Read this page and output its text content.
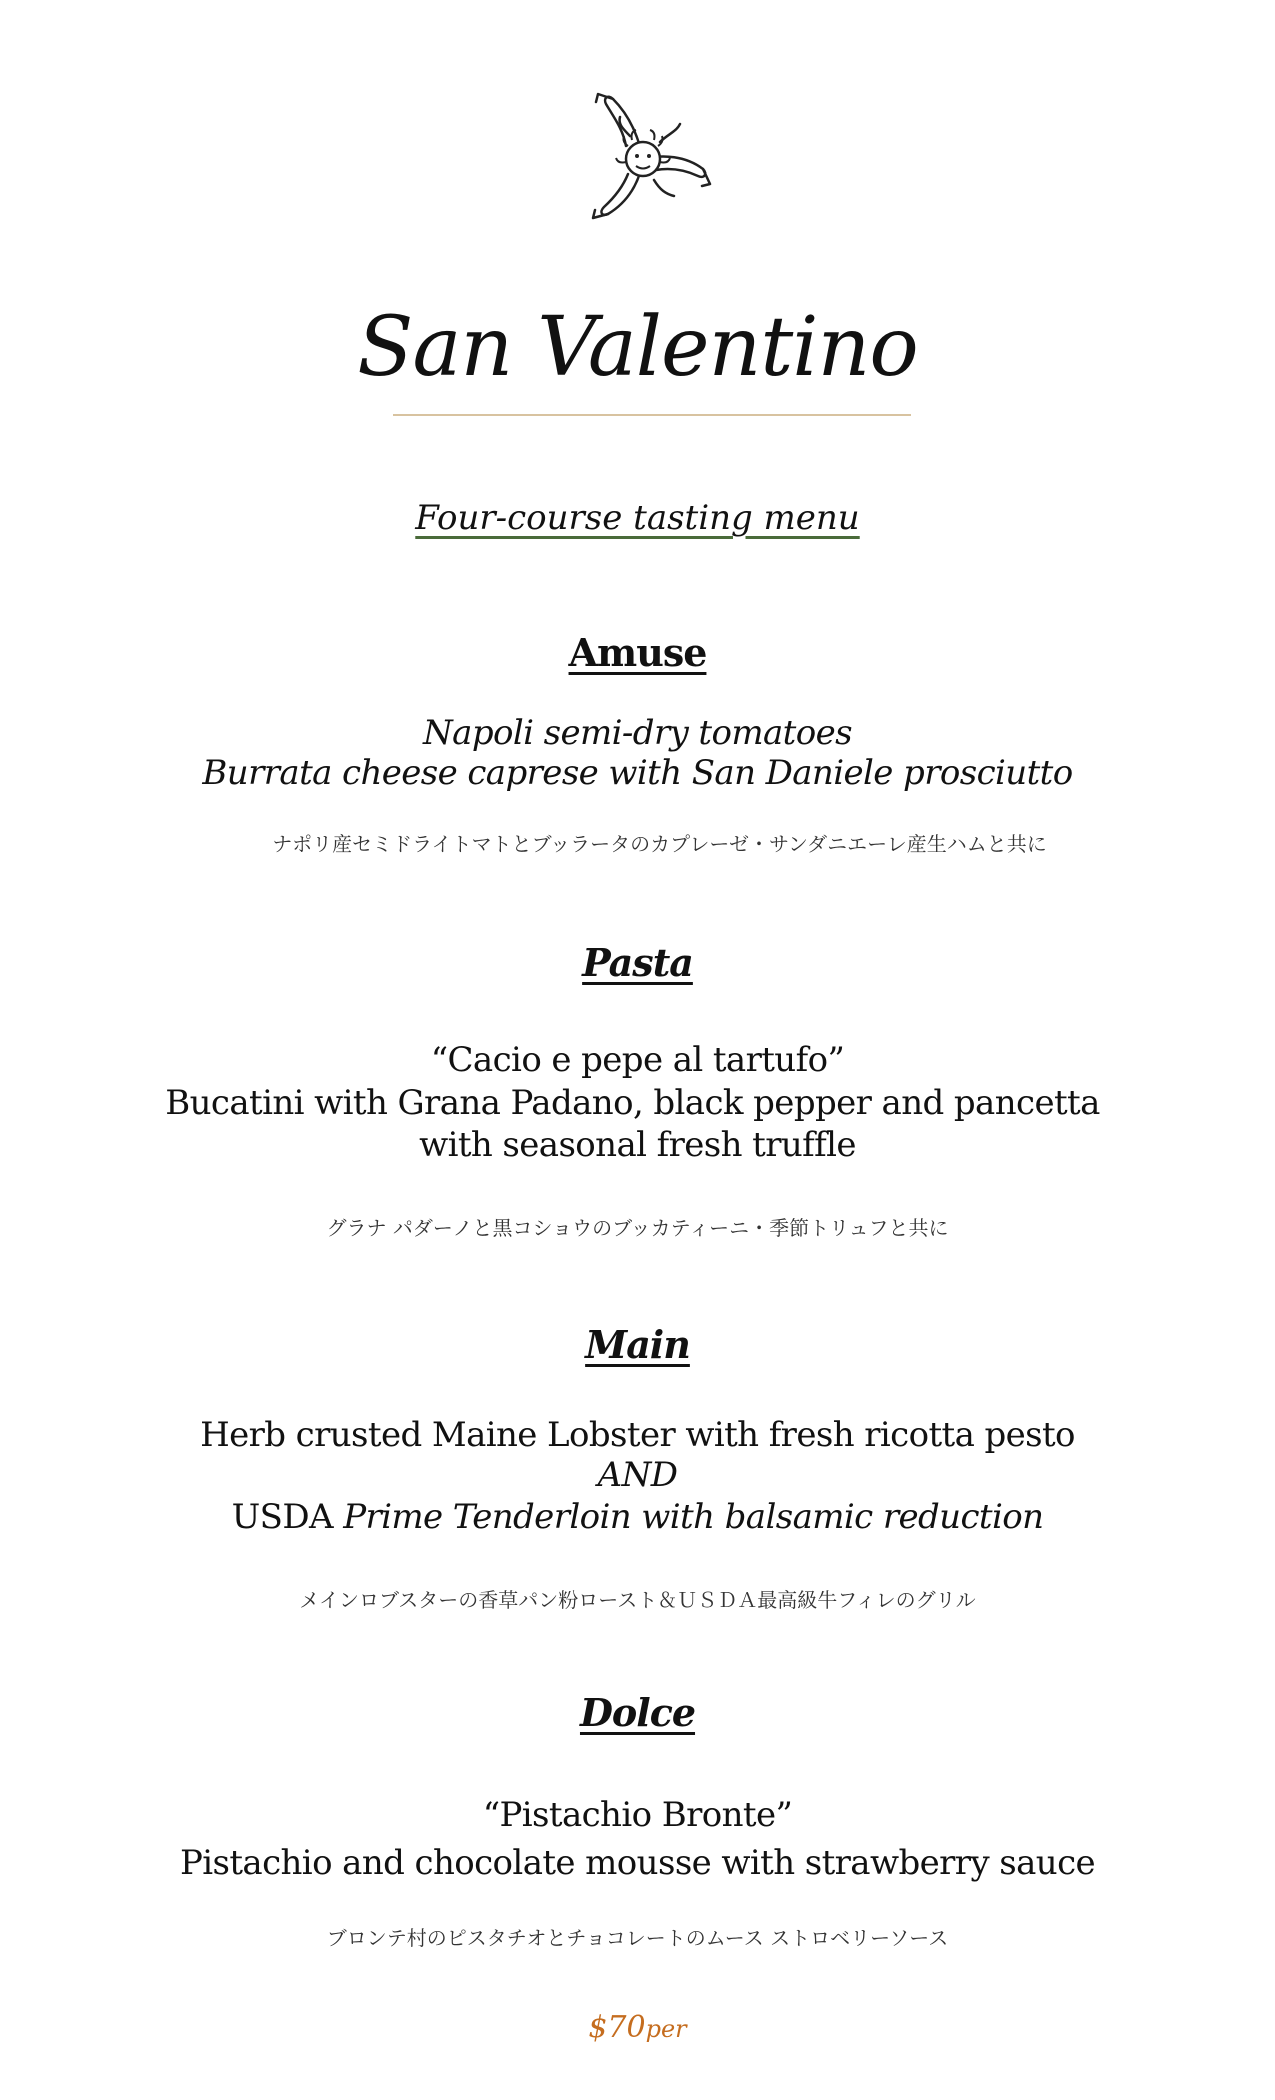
San Valentino
Four-course tasting menu
Amuse
Napoli semi-dry tomatoes
Burrata cheese caprese with San Daniele prosciutto
ナポリ産セミドライトマトとブッラータのカプレーゼ・サンダニエーレ産生ハムと共に
Pasta
“Cacio e pepe al tartufo”
Bucatini with Grana Padano, black pepper and pancetta
with seasonal fresh truffle
グラナ パダーノと黒コショウのブッカティーニ・季節トリュフと共に
Main
Herb crusted Maine Lobster with fresh ricotta pesto
AND
USDA Prime Tenderloin with balsamic reduction
メインロブスターの香草パン粉ロースト＆ＵＳＤＡ最高級牛フィレのグリル
Dolce
“Pistachio Bronte”
Pistachio and chocolate mousse with strawberry sauce
ブロンテ村のピスタチオとチョコレートのムース ストロベリーソース
$70per
